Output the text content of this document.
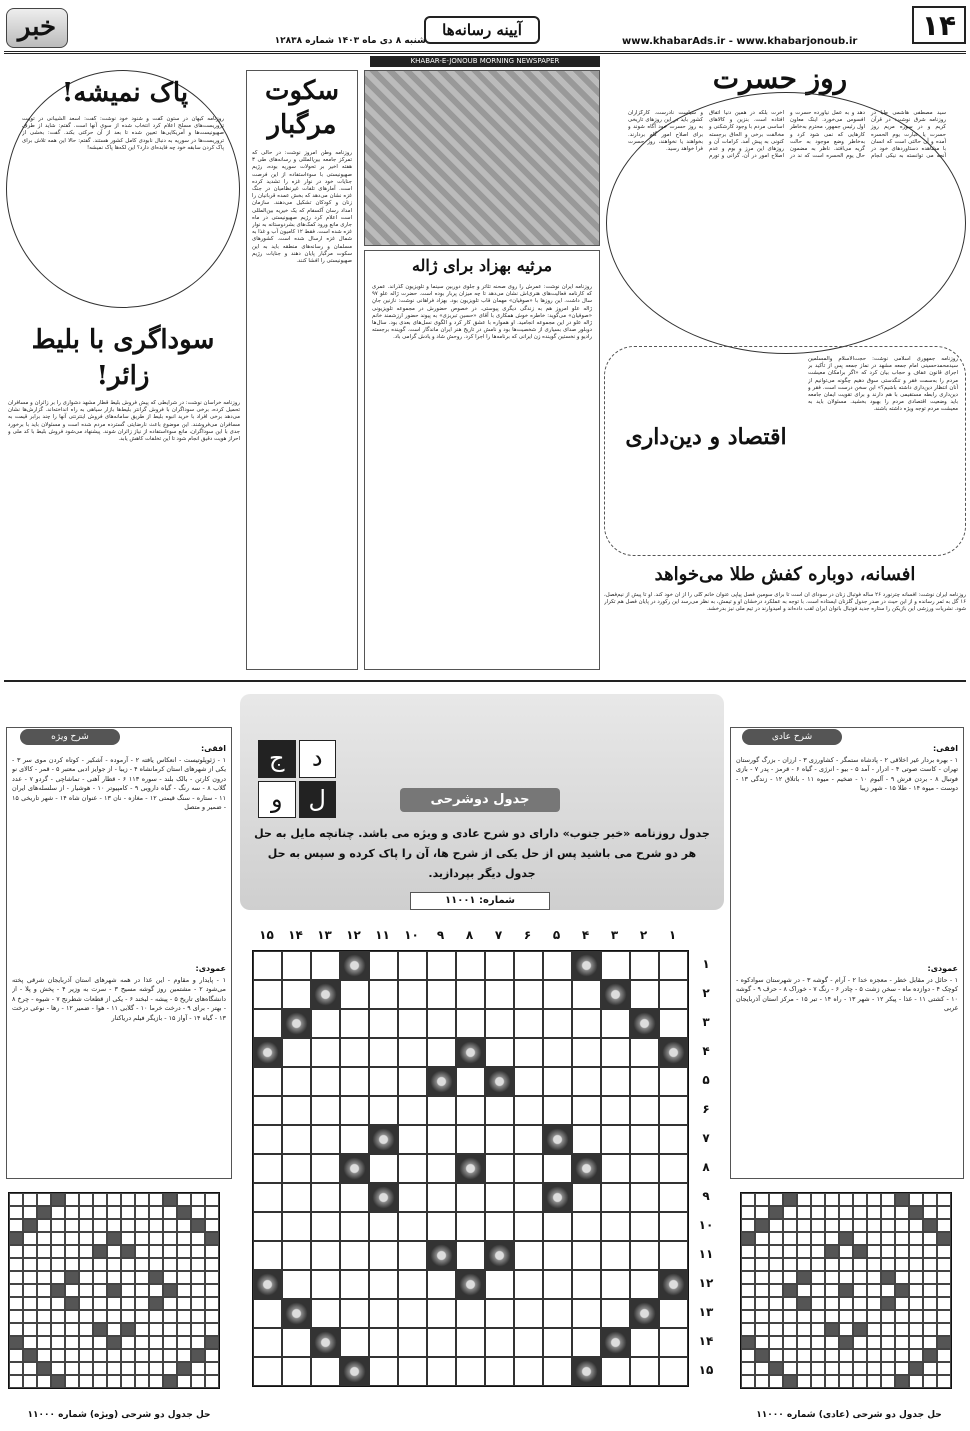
۱۴
www.khabarAds.ir - www.khabarjonoub.ir
آیینه رسانه‌ها
شنبه ۸ دی ماه ۱۴۰۳ شماره ۱۲۸۳۸
خبر
KHABAR-E-JONOUB MORNING NEWSPAPER
روز حسرت
سید مصطفی هاشمی طبا در روزنامه شرق نوشت: در قرآن کریم و در سوره مریم روز حسرت یا عبارت یوم الحسره آمده و آن حالتی است که انسان با مشاهده دستاوردهای خود در آنچه می توانسته به نیکی انجام دهد و به عمل نیاورده حسرت و افسوس می‌خورد. اینک معاون اول رئیس جمهور، محترم به‌خاطر کارهایی که نمی شود کرد و به‌خاطر وضع موجود به حالت گریه می‌افتد. ناظر به مضمون حال یوم الحسره است که ند در آخرت بلکه در همین دنیا اتفاق افتاده است. بنزین و کالاهای اساسی مردم با وجود کارشکنی و مخالفت برخی و الحاق برجسته کنونی به پیش آمد. کرامات آن و روزهای این مرز و بوم و عدم اصلاح امور در آن، گرانی و تورم و سیاست نادرست. کارگزاران کشور باید در این روزهای تاریخی به روز حسرت خود آگاه شوند و برای اصلاح امور گام بردارند. بخواهند یا نخواهند، روز حسرت فرا خواهد رسید.
سکوت مرگبار
روزنامه وطن امروز نوشت: در حالی که تمرکز جامعه بین‌المللی و رسانه‌های طی ۳ هفته اخیر بر تحولات سوریه بوده، رژیم صهیونیستی با سوءاستفاده از این فرصت جنایات خود در نوار غزه را تشدید کرده است. آمارهای تلفات غیرنظامیان در جنگ غزه نشان می‌دهد که بخش عمده قربانیان را زنان و کودکان تشکیل می‌دهند. سازمان امداد رسان آکسفام که یک خیریه بین‌المللی است اعلام کرد رژیم صهیونیستی در ماه جاری مانع ورود کمک‌های بشردوستانه به نوار غزه شده است. فقط ۱۲ کامیون آب و غذا به شمال غزه ارسال شده است. کشورهای مسلمان و رسانه‌های منطقه باید به این سکوت مرگبار پایان دهند و جنایات رژیم صهیونیستی را افشا کنند.	مرثیه بهزاد برای ژاله
روزنامه ایران نوشت: عمرش را روی صحنه تئاتر و جلوی دوربین سینما و تلویزیون گذراند. عمری که کارنامه فعالیت‌های هنری‌اش نشان می‌دهد تا چه میزان پربار بوده است. حضرت ژاله علو ۹۷ سال داشت. این روزها با «صوفیان» مهمان قاب تلویزیون بود. بهزاد فراهانی نوشت: نازنین جانِ ژاله علو امروز هم به زندگی دیگری پیوستی. در خصوص حضورش در مجموعه تلویزیونی «صوفیان» می‌گوید: خاطره خوش همکاری با آقای «حسین تبریزی» به پیوند حضور ارزشمند خانم ژاله علو در این مجموعه انجامید. او همواره با عشق کار کرد و الگوی نسل‌های بعدی بود. سال‌ها دوبلور صدای بسیاری از شخصیت‌ها بود و نامش در تاریخ هنر ایران ماندگار است. گوینده برجسته رادیو و نخستین گوینده زن ایرانی که برنامه‌ها را اجرا کرد. روحش شاد و یادش گرامی باد.
پاک نمیشه!
روزنامه کیهان در ستون گفت و شنود خود نوشت: گفت: اسعد الشیبانی در توییت تروریست‌های مسلح اعلام کرد انتخاب شده از سوی آنها است. گفتم: شاید از طرف صهیونیست‌ها و آمریکایی‌ها تعیین شده تا بعد از آن حرکتی بکند. گفت: بخشی از تروریست‌ها در سوریه به دنبال نابودی کامل کشور هستند. گفتم: حالا این همه تلاش برای پاک کردن سابقه خود چه فایده‌ای دارد؟ این لکه‌ها پاک نمیشه!
سوداگری با بلیط زائر!
روزنامه خراسان نوشت: در شرایطی که پیش فروش بلیط قطار مشهد دشواری را بر زائران و مسافران تحمیل کرده، برخی سوداگران با فروش گرانتر بلیط‌ها بازار سیاهی به راه انداخته‌اند. گزارش‌ها نشان می‌دهد برخی افراد با خرید انبوه بلیط از طریق سامانه‌های فروش اینترنتی آنها را چند برابر قیمت به مسافران می‌فروشند. این موضوع باعث نارضایتی گسترده مردم شده است و مسئولان باید با برخورد جدی با این سوداگران، مانع سوءاستفاده از نیاز زائران شوند. پیشنهاد می‌شود فروش بلیط با کد ملی و احراز هویت دقیق انجام شود تا این تخلفات کاهش یابد.	اقتصاد و دین‌داری
روزنامه جمهوری اسلامی نوشت: حجت‌الاسلام والمسلمین سیدمحمدحسینی امام جمعه مشهد در نماز جمعه پس از تأکید بر اجرای قانون عفاف و حجاب بیان کرد که «اگر برامکان معیشت مردم را به‌سمت فقر و تنگدستی سوق دهیم چگونه می‌توانیم از آنان انتظار دین‌داری داشته باشیم؟» این سخن درست است. فقر و دین‌داری رابطه مستقیمی با هم دارند و برای تقویت ایمان جامعه باید وضعیت اقتصادی مردم را بهبود بخشید. مسئولان باید به معیشت مردم توجه ویژه داشته باشند.
افسانه، دوباره کفش طلا می‌خواهد
روزنامه ایران نوشت: افسانه چترنورد ۲۶ ساله فوتبال زنان در سودای آن است تا برای سومین فصل پیاپی عنوان خانم گلی را از آن خود کند. او تا پیش از نیم‌فصل، ۱۶ گل به ثمر رسانده و از این حیث در صدر جدول گلزنان ایستاده است. با توجه به عملکرد درخشان او و تیمش، به نظر می‌رسد این رکورد در پایان فصل هم تکرار شود. نشریات ورزشی این بازیکن را ستاره جدید فوتبال بانوان ایران لقب داده‌اند و امیدوارند در تیم ملی نیز بدرخشد.
شرح ویژه
افقی:
۱ - ژئوپلوتیست - انعکاس یافته ۲ - آرموده - آشکیر - کوتاه کردن موی سر ۳ - یکی از شهرهای استان کرمانشاه ۴ - زیبا - از جوایز ادبی معتبر ۵ - قمر - کالای نو درون کارتن - بالک بلند - سوره ۱۱۳ ۶ - قطار آهنی - تماشاچی - گردو ۷ - عدد گلاب ۸ - سه رنگ - گیاه دارویی ۹ - کامپیوتر ۱۰ - هوشیار - از سلسله‌های ایران ۱۱ - ستاره - سنگ قیمتی ۱۲ - مغازه - نان ۱۳ - عنوان شاه ۱۴ - شهر تاریخی ۱۵ - ضمیر و متصل
عمودی:
۱ - پایدار و مقاوم - این غذا در همه شهرهای استان آذربایجان شرقی پخته می‌شود ۲ - مشتمین روز گوشه مسیح ۳ - سرت به وزیر ۴ - پخش و پلا - از دانشگاه‌های تاریخ ۵ - پیشه - لبخند ۶ - یکی از قطعات شطرنج ۷ - شیوه - چرخ ۸ - بهتر - برای ۹ - درخت خرما ۱۰ - گلابی ۱۱ - هوا - ضمیر ۱۲ - رها - نوعی درخت ۱۳ - گیاه ۱۴ - آواز ۱۵ - بازیگر فیلم دریاکنار
شرح عادی
افقی:
۱ - بهره بردار غیر اخلاقی ۲ - پادشاه ستمگر - کشاورزی ۳ - ارزان - بزرگ گورستان تهران - کاست صوتی ۴ - ادرار - آمد ۵ - بیو - انرژی - گیاه ۶ - قرمز - پدر ۷ - بازی فوتبال ۸ - بردن فرش ۹ - آلبوم ۱۰ - ضخیم - میوه ۱۱ - باتلاق ۱۲ - زندگی ۱۳ - دوست - میوه ۱۴ - طلا ۱۵ - شهر زیبا
عمودی:
۱ - حائل در مقابل خطر - معجزه خدا ۲ - آرام - گوشه ۳ - در شهرستان سوادکوه - کوچک ۴ - دوازده ماه - سخن زشت ۵ - چادر ۶ - رنگ ۷ - خوراک ۸ - حرف ۹ - گوشه ۱۰ - کشتی ۱۱ - غذا - پیکر ۱۲ - شهر ۱۳ - راه ۱۴ - تبر ۱۵ - مرکز استان آذربایجان غربی
ج	د
و	ل	جدول دوشرحی
جدول روزنامه «خبر جنوب» دارای دو شرح عادی و ویژه می باشد. چنانچه مایل به حل هر دو شرح می باشید پس از حل یکی از شرح ها، آن را پاک کرده و سپس به حل جدول دیگر بپردازید.
شماره: ۱۱۰۰۱
۱
۲
۳
۴
۵
۶
۷
۸
۹
۱۰
۱۱
۱۲
۱۳
۱۴
۱۵
۱
۲
۳
۴
۵
۶
۷
۸
۹
۱۰
۱۱
۱۲
۱۳
۱۴
۱۵
حل جدول دو شرحی (ویژه) شماره ۱۱۰۰۰	حل جدول دو شرحی (عادی) شماره ۱۱۰۰۰
